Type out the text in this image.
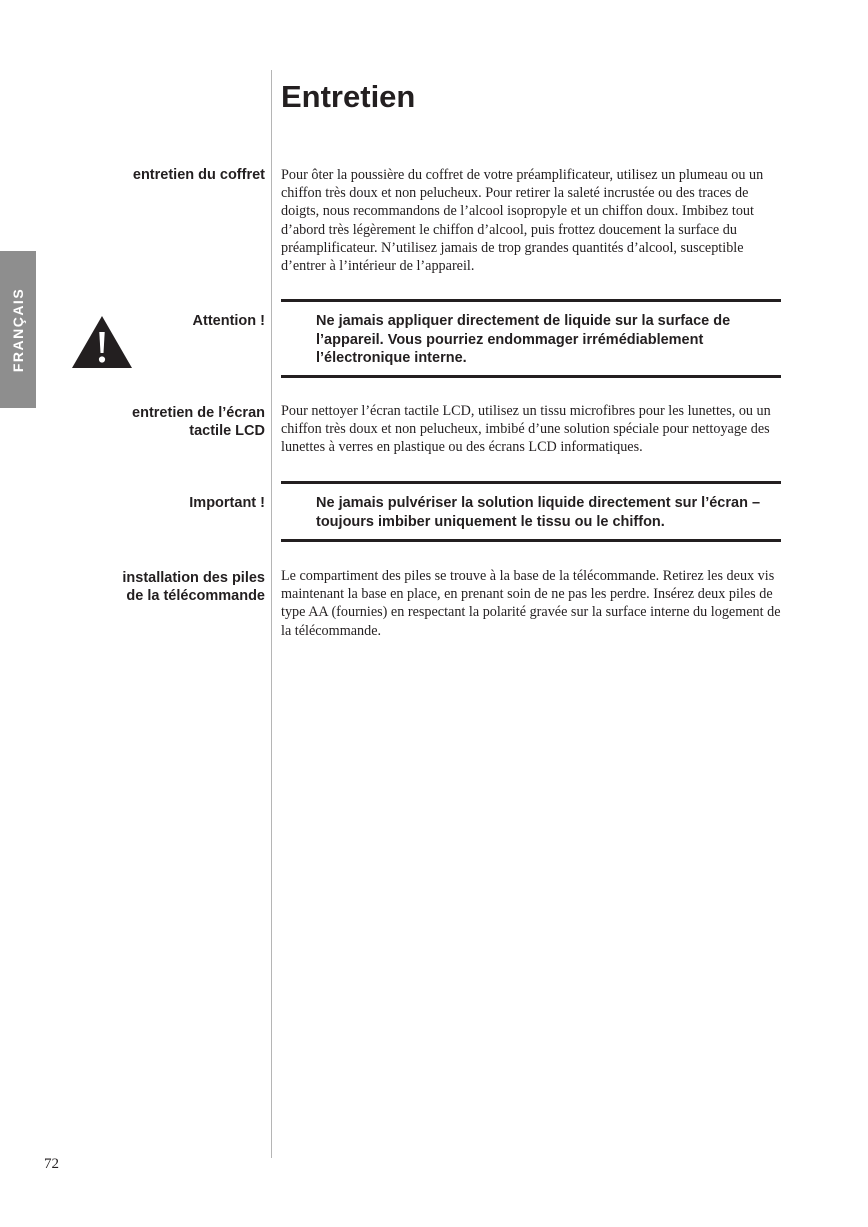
FRANÇAIS
Entretien
entretien du coffret Pour ôter la poussière du coffret de votre préamplificateur, utilisez un plumeau ou un chiffon très doux et non pelucheux. Pour retirer la saleté incrustée ou des traces de doigts, nous recommandons de l’alcool isopropyle et un chiffon doux. Imbibez tout d’abord très légèrement le chiffon d’alcool, puis frottez doucement la surface du préamplificateur. N’utilisez jamais de trop grandes quantités d’alcool, susceptible d’entrer à l’intérieur de l’appareil.

Attention !	Ne jamais appliquer directement de liquide sur la surface de l’appareil. Vous pourriez endommager irrémédiablement l’électronique interne.

entretien de l’écran
tactile LCD

Pour nettoyer l’écran tactile LCD, utilisez un tissu microfibres pour les lunettes, ou un chiffon très doux et non pelucheux, imbibé d’une solution spéciale pour nettoyage des lunettes à verres en plastique ou des écrans LCD informatiques.

Important !	Ne jamais pulvériser la solution liquide directement sur l’écran – toujours imbiber uniquement le tissu ou le chiffon.

installation des piles
de la télécommande

Le compartiment des piles se trouve à la base de la télécommande. Retirez les deux vis maintenant la base en place, en prenant soin de ne pas les perdre. Insérez deux piles de type AA (fournies) en respectant la polarité gravée sur la surface interne du logement de la télécommande.

72
